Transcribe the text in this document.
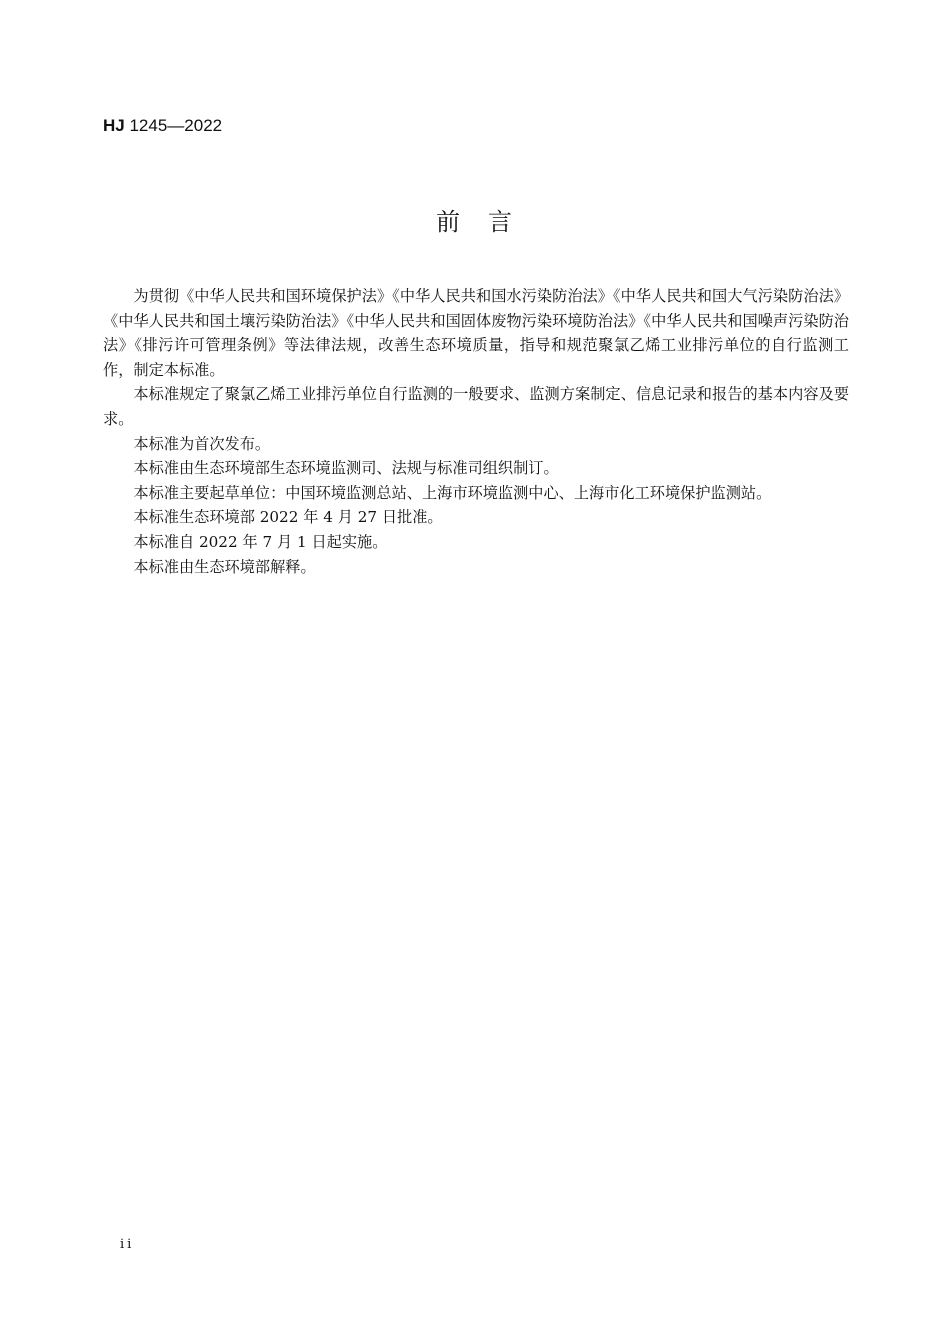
HJ 1245—2022
前　言

为贯彻《中华人民共和国环境保护法》《中华人民共和国水污染防治法》《中华人民共和国大气污染防治法》《中华人民共和国土壤污染防治法》《中华人民共和国固体废物污染环境防治法》《中华人民共和国噪声污染防治法》《排污许可管理条例》等法律法规，改善生态环境质量，指导和规范聚氯乙烯工业排污单位的自行监测工作，制定本标准。

本标准规定了聚氯乙烯工业排污单位自行监测的一般要求、监测方案制定、信息记录和报告的基本内容及要求。

本标准为首次发布。

本标准由生态环境部生态环境监测司、法规与标准司组织制订。

本标准主要起草单位：中国环境监测总站、上海市环境监测中心、上海市化工环境保护监测站。

本标准生态环境部 2022 年 4 月 27 日批准。

本标准自 2022 年 7 月 1 日起实施。

本标准由生态环境部解释。

ii
